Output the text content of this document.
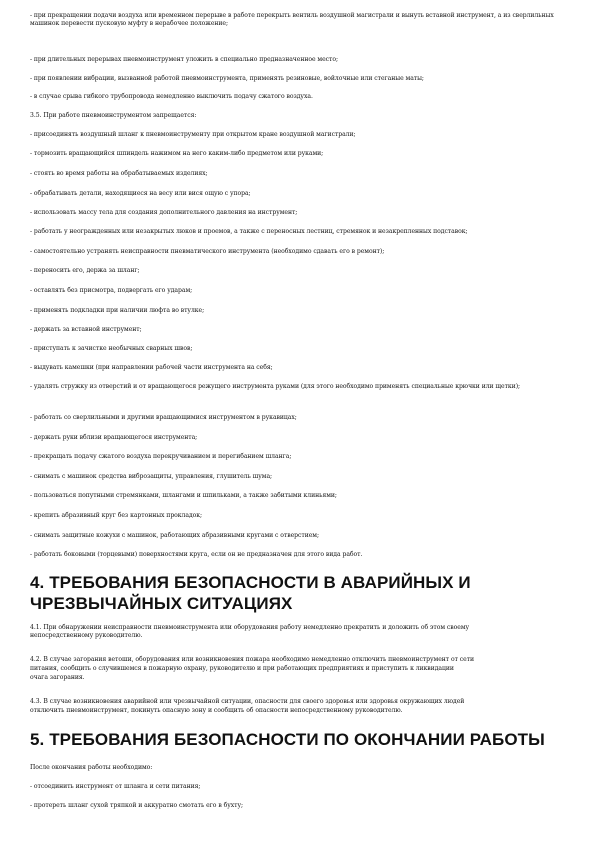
- при прекращении подачи воздуха или временном перерыве в работе перекрыть вентиль воздушной магистрали и вынуть вставной инструмент, а из сверлильных машинок перевести пусковую муфту в нерабочее положение;
- при длительных перерывах пневмоинструмент уложить в специально предназначенное место;
- при появлении вибрации, вызванной работой пневмоинструмента, применять резиновые, войлочные или стеганые маты;
- в случае срыва гибкого трубопровода немедленно выключить подачу сжатого воздуха.
3.5. При работе пневмоинструментом запрещается:
- присоединять воздушный шланг к пневмоинструменту при открытом кране воздушной магистрали;
- тормозить вращающийся шпиндель нажимом на него каким-либо предметом или руками;
- стоять во время работы на обрабатываемых изделиях;
- обрабатывать детали, находящиеся на весу или вися ощую с упора;
- использовать массу тела для создания дополнительного давления на инструмент;
- работать у неогражденных или незакрытых люков и проемов, а также с переносных лестниц, стремянок и незакрепленных подставок;
- самостоятельно устранять неисправности пневматического инструмента (необходимо сдавать его в ремонт);
- переносить его, держа за шланг;
- оставлять без присмотра, подвергать его ударам;
- применять подкладки при наличии люфта во втулке;
- держать за вставной инструмент;
- приступать к зачистке необычных сварных швов;
- выдувать камешки (при направлении рабочей части инструмента на себя;
- удалять стружку из отверстий и от вращающегося режущего инструмента руками (для этого необходимо применять специальные крючки или щетки);
- работать со сверлильными и другими вращающимися инструментом в рукавицах;
- держать руки вблизи вращающегося инструмента;
- прекращать подачу сжатого воздуха перекручиванием и перегибанием шланга;
- снимать с машинок средства виброзащиты, управления, глушитель шума;
- пользоваться попутными стремянками, шлангами и шпильками, а также забитыми клиньями;
- крепить абразивный круг без картонных прокладок;
- снимать защитные кожухи с машинок, работающих абразивными кругами с отверстием;
- работать боковыми (торцевыми) поверхностями круга, если он не предназначен для этого вида работ.
4. ТРЕБОВАНИЯ БЕЗОПАСНОСТИ В АВАРИЙНЫХ И
ЧРЕЗВЫЧАЙНЫХ СИТУАЦИЯХ
4.1. При обнаружении неисправности пневмоинструмента или оборудования работу немедленно прекратить и доложить об этом своему
непосредственному руководителю.
4.2. В случае загорания ветоши, оборудования или возникновения пожара необходимо немедленно отключить пневмоинструмент от сети
питания, сообщить о случившемся в пожарную охрану, руководителю и при работающих предприятиях и приступить к ликвидации
очага загорания.
4.3. В случае возникновения аварийной или чрезвычайной ситуации, опасности для своего здоровья или здоровья окружающих людей
отключить пневмоинструмент, покинуть опасную зону и сообщить об опасности непосредственному руководителю.
5. ТРЕБОВАНИЯ БЕЗОПАСНОСТИ ПО ОКОНЧАНИИ РАБОТЫ
После окончания работы необходимо:
- отсоединить инструмент от шланга и сети питания;
- протереть шланг сухой тряпкой и аккуратно смотать его в бухту;
